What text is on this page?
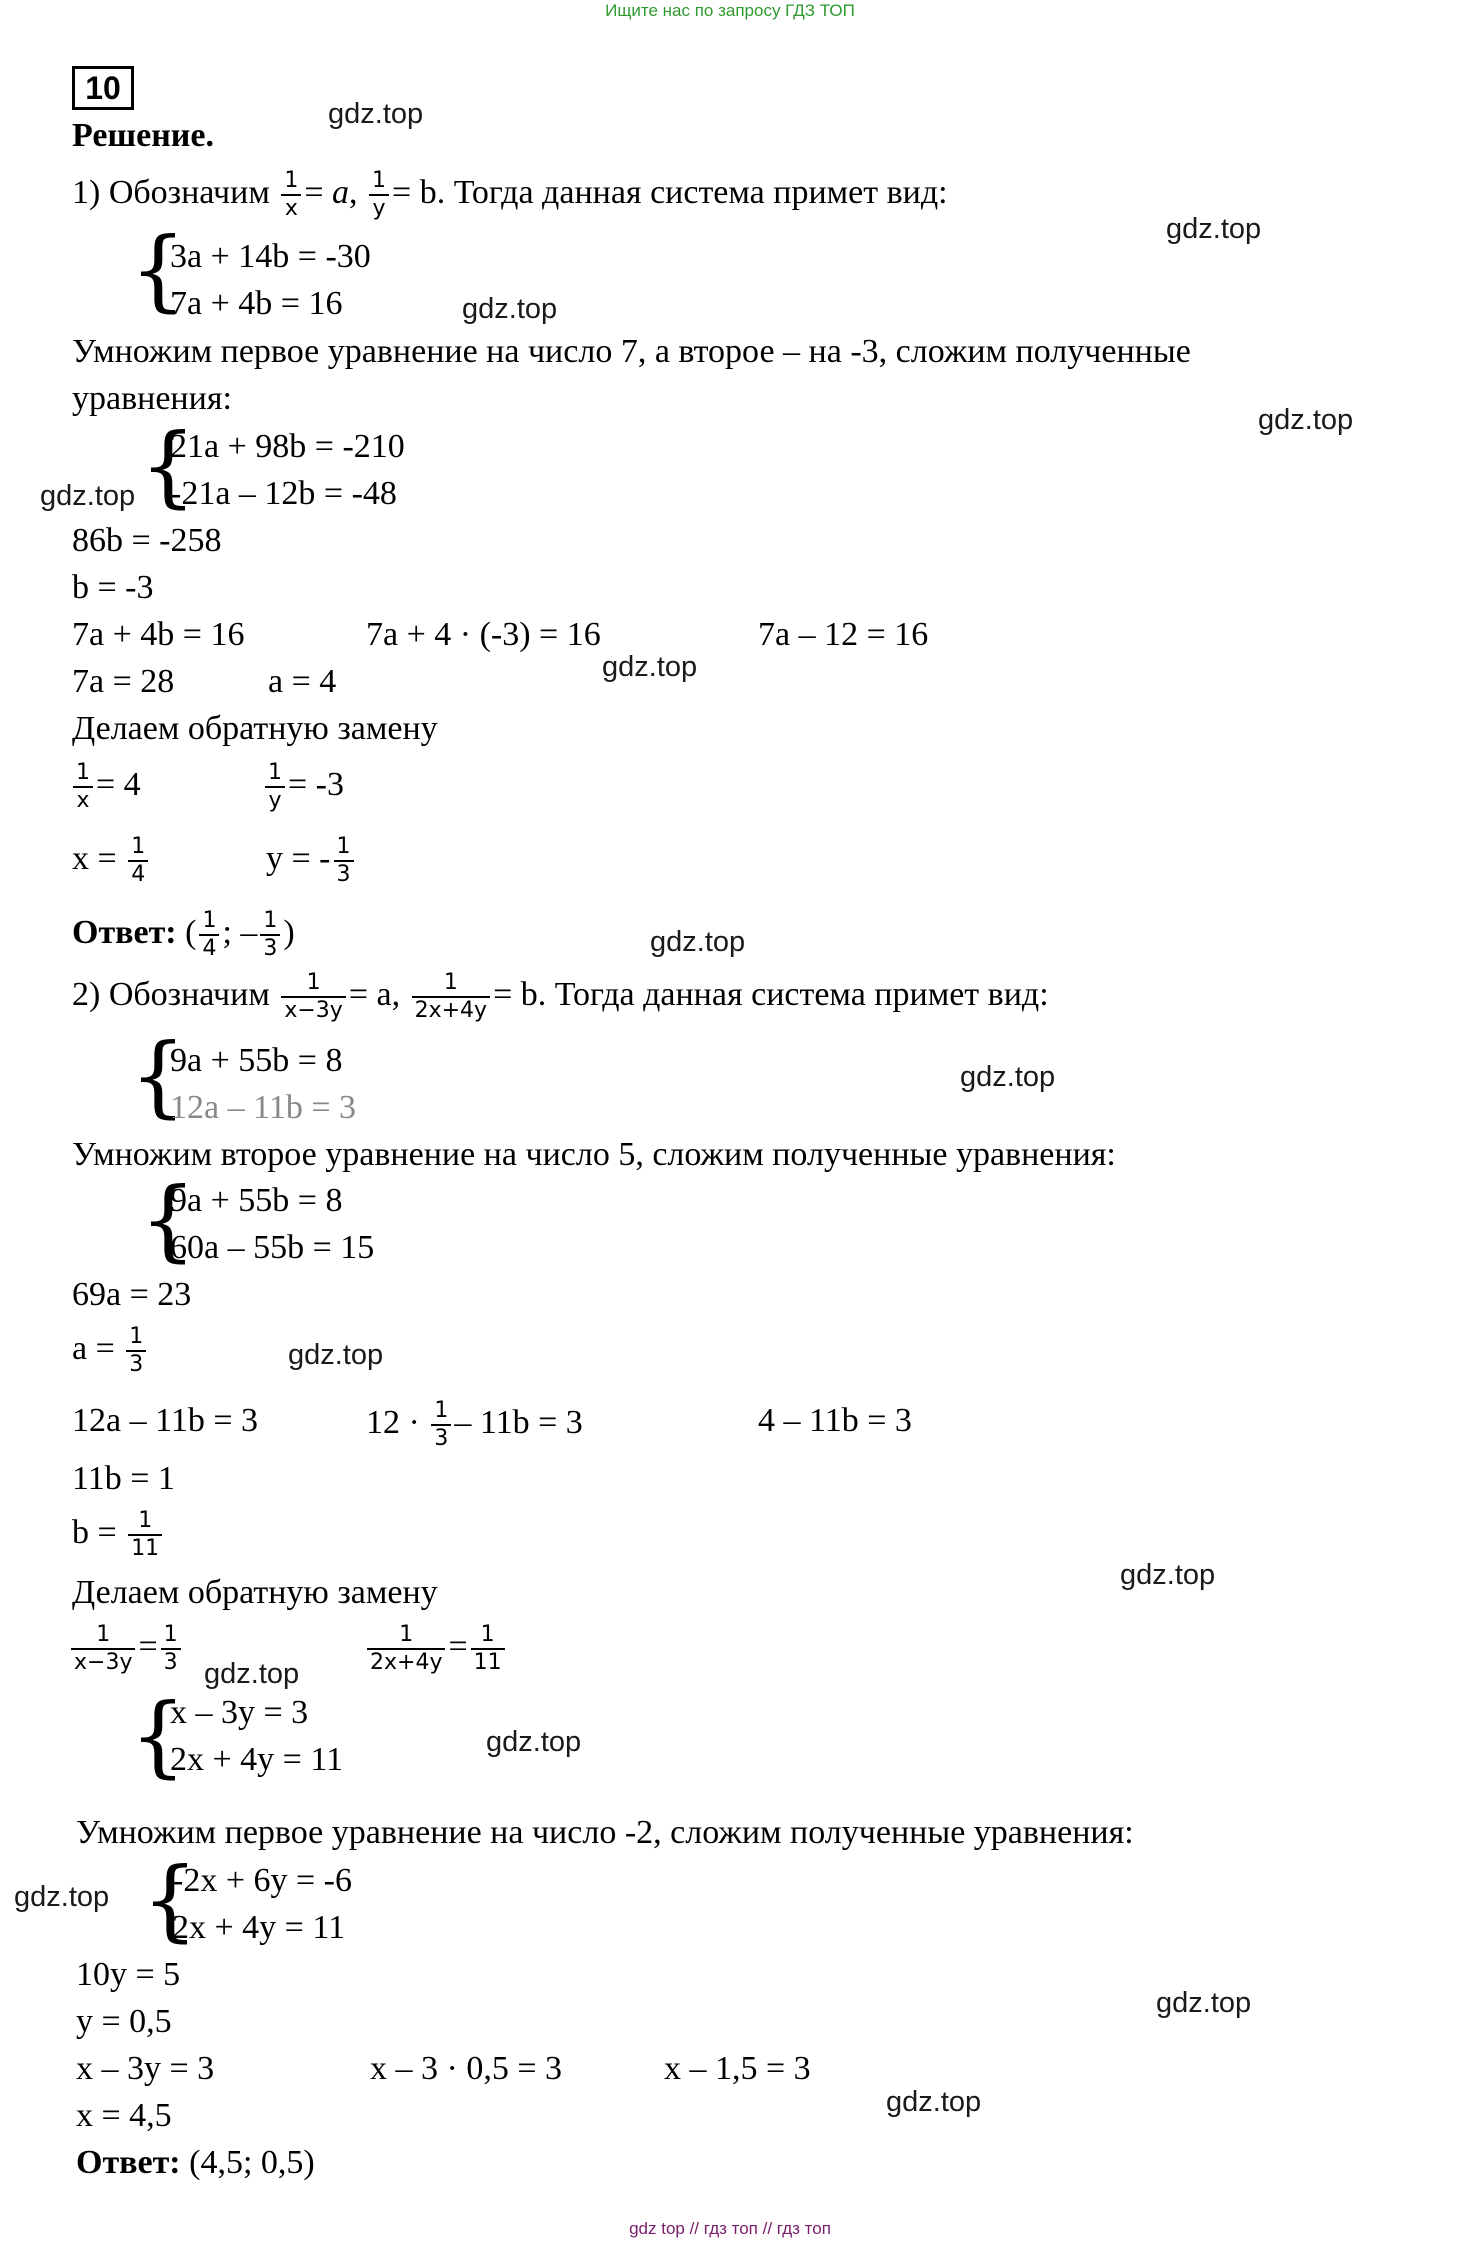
Ищите нас по запросу ГДЗ ТОП
10
Решение.
1) Обозначим $\frac{1}{x} = a$, $\frac{1}{y} = b$. Тогда данная система примет вид:
{
3a + 14b = -30
7a + 4b = 16
Умножим первое уравнение на число 7, а второе – на -3, сложим полученные
уравнения:
{
21a + 98b = -210
-21a – 12b = -48
86b = -258
b = -3
7a + 4b = 16	7a + 4 · (-3) = 16	7a – 12 = 16
7a = 28	a = 4
Делаем обратную замену
$\frac{1}{x} = 4$	$\frac{1}{y} = -3$
$x = \frac{1}{4}$	y = - $\frac{1}{3}$
Ответ: ( $\frac{1}{4}$ ; – $\frac{1}{3}$ )
2) Обозначим $\frac{1}{x-3y} = a$, $\frac{1}{2x+4y} = b$. Тогда данная система примет вид:
{
9a + 55b = 8
12a – 11b = 3
Умножим второе уравнение на число 5, сложим полученные уравнения:
{
9a + 55b = 8
60a – 55b = 15
69a = 23
$a = \frac{1}{3}$
12a – 11b = 3	$12 \cdot \frac{1}{3} - 11b = 3$	4 – 11b = 3
11b = 1
$b = \frac{1}{11}$
Делаем обратную замену
$\frac{1}{x-3y} = \frac{1}{3}$	$\frac{1}{2x+4y} = \frac{1}{11}$
{
x – 3y = 3
2x + 4y = 11
Умножим первое уравнение на число -2, сложим полученные уравнения:
{
-2x + 6y = -6
2x + 4y = 11
10y = 5
y = 0,5
x – 3y = 3	x – 3 · 0,5 = 3	x – 1,5 = 3
x = 4,5
Ответ: (4,5; 0,5)
gdz.top
gdz.top
gdz.top
gdz.top
gdz.top
gdz.top
gdz.top
gdz.top
gdz.top
gdz.top
gdz.top
gdz.top
gdz.top
gdz.top
gdz.top
gdz top // гдз топ // гдз топ
